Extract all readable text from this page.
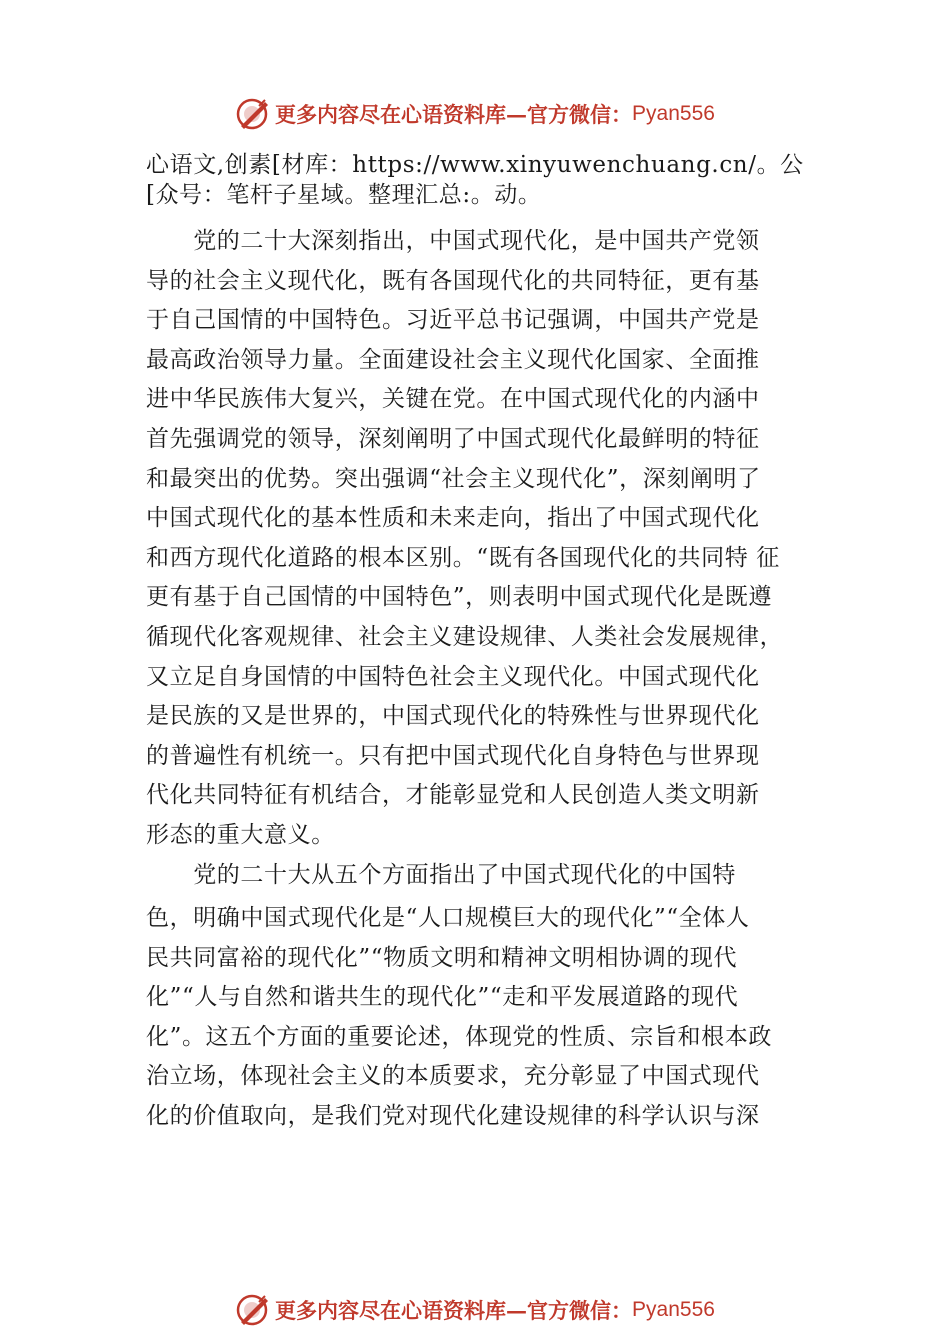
更多内容尽在心语资料库—官方微信： Pyan556
心语文,创素[材库：https://www.xinyuwenchuang.cn/。公
[众号：笔杆子星域。整理汇总:。动。
　　党的二十大深刻指出，中国式现代化，是中国共产党领
导的社会主义现代化，既有各国现代化的共同特征，更有基
于自己国情的中国特色。习近平总书记强调，中国共产党是
最高政治领导力量。全面建设社会主义现代化国家、全面推
进中华民族伟大复兴，关键在党。在中国式现代化的内涵中
首先强调党的领导，深刻阐明了中国式现代化最鲜明的特征
和最突出的优势。突出强调“社会主义现代化”，深刻阐明了
中国式现代化的基本性质和未来走向，指出了中国式现代化
和西方现代化道路的根本区别。“既有各国现代化的共同特 征
更有基于自己国情的中国特色”，则表明中国式现代化是既遵
循现代化客观规律、社会主义建设规律、人类社会发展规律，
又立足自身国情的中国特色社会主义现代化。中国式现代化
是民族的又是世界的，中国式现代化的特殊性与世界现代化
的普遍性有机统一。只有把中国式现代化自身特色与世界现
代化共同特征有机结合，才能彰显党和人民创造人类文明新
形态的重大意义。
　　党的二十大从五个方面指出了中国式现代化的中国特
色，明确中国式现代化是“人口规模巨大的现代化”“全体人
民共同富裕的现代化”“物质文明和精神文明相协调的现代
化”“人与自然和谐共生的现代化”“走和平发展道路的现代
化”。这五个方面的重要论述，体现党的性质、宗旨和根本政
治立场，体现社会主义的本质要求，充分彰显了中国式现代
化的价值取向，是我们党对现代化建设规律的科学认识与深
更多内容尽在心语资料库—官方微信： Pyan556
